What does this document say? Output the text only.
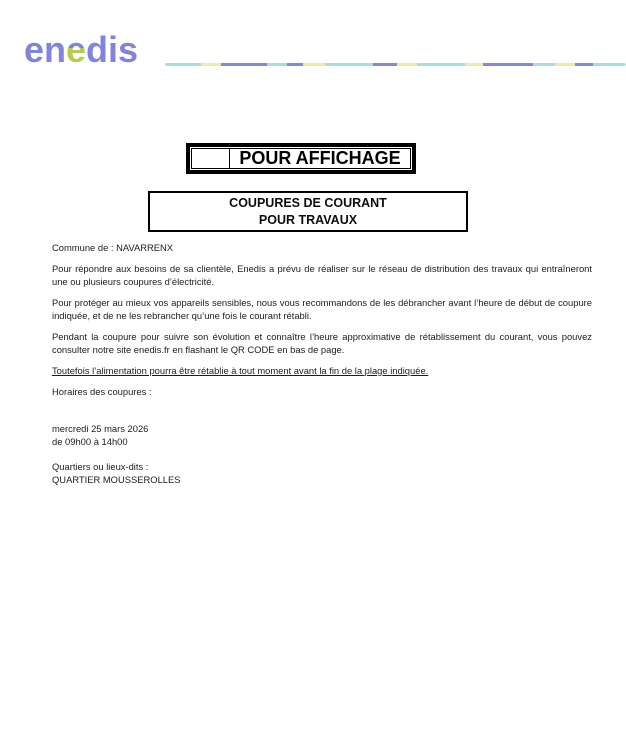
enedis
POUR AFFICHAGE
COUPURES DE COURANT
POUR TRAVAUX
Commune de : NAVARRENX
Pour répondre aux besoins de sa clientèle, Enedis a prévu de réaliser sur le réseau de distribution des travaux qui entraîneront une ou plusieurs coupures d’électricité.
Pour protéger au mieux vos appareils sensibles, nous vous recommandons de les débrancher avant l’heure de début de coupure indiquée, et de ne les rebrancher qu’une fois le courant rétabli.
Pendant la coupure pour suivre son évolution et connaître l’heure approximative de rétablissement du courant, vous pouvez consulter notre site enedis.fr en flashant le QR CODE en bas de page.
Toutefois l’alimentation pourra être rétablie à tout moment avant la fin de la plage indiquée.
Horaires des coupures :
mercredi 25 mars 2026
de 09h00 à 14h00
Quartiers ou lieux-dits :
QUARTIER MOUSSEROLLES
